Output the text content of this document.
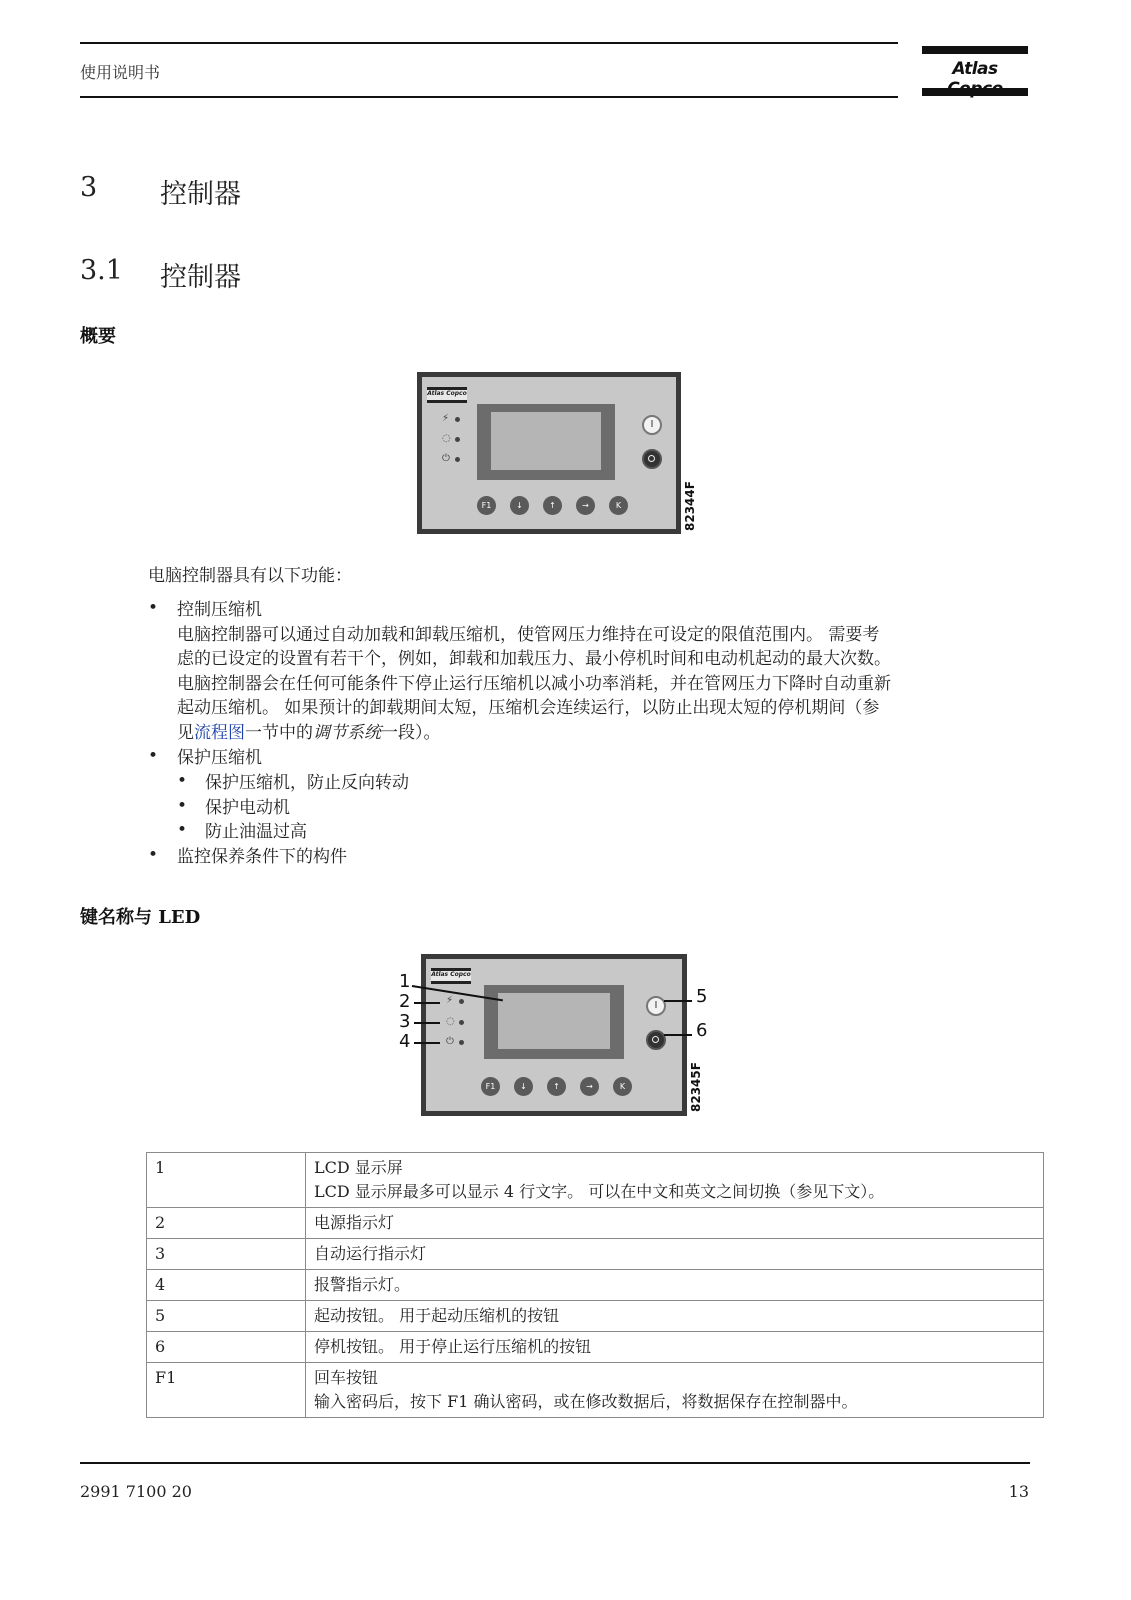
使用说明书	Atlas
3 控制器
3.1 控制器
概要
Atlas Copco
⚡
◌
⏻
I
F1	↓	↑	→	K	82344F
电脑控制器具有以下功能：
• 控制压缩机
电脑控制器可以通过自动加载和卸载压缩机，使管网压力维持在可设定的限值范围内。 需要考
虑的已设定的设置有若干个，例如，卸载和加载压力、最小停机时间和电动机起动的最大次数。
电脑控制器会在任何可能条件下停止运行压缩机以减小功率消耗，并在管网压力下降时自动重新
起动压缩机。 如果预计的卸载期间太短，压缩机会连续运行，以防止出现太短的停机期间（参
见流程图一节中的调节系统一段）。
• 保护压缩机
• 保护压缩机，防止反向转动
• 保护电动机
• 防止油温过高
• 监控保养条件下的构件
键名称与 LED
Atlas Copco
⚡
◌
⏻
I
F1	↓	↑	→	K	82345F
1
2
3
4
5
6
1	LCD 显示屏
LCD 显示屏最多可以显示 4 行文字。 可以在中文和英文之间切换（参见下文）。

2	电源指示灯
3	自动运行指示灯
4	报警指示灯。
5	起动按钮。 用于起动压缩机的按钮
6	停机按钮。 用于停止运行压缩机的按钮
F1	回车按钮
输入密码后，按下 F1 确认密码，或在修改数据后，将数据保存在控制器中。
2991 7100 20	13
